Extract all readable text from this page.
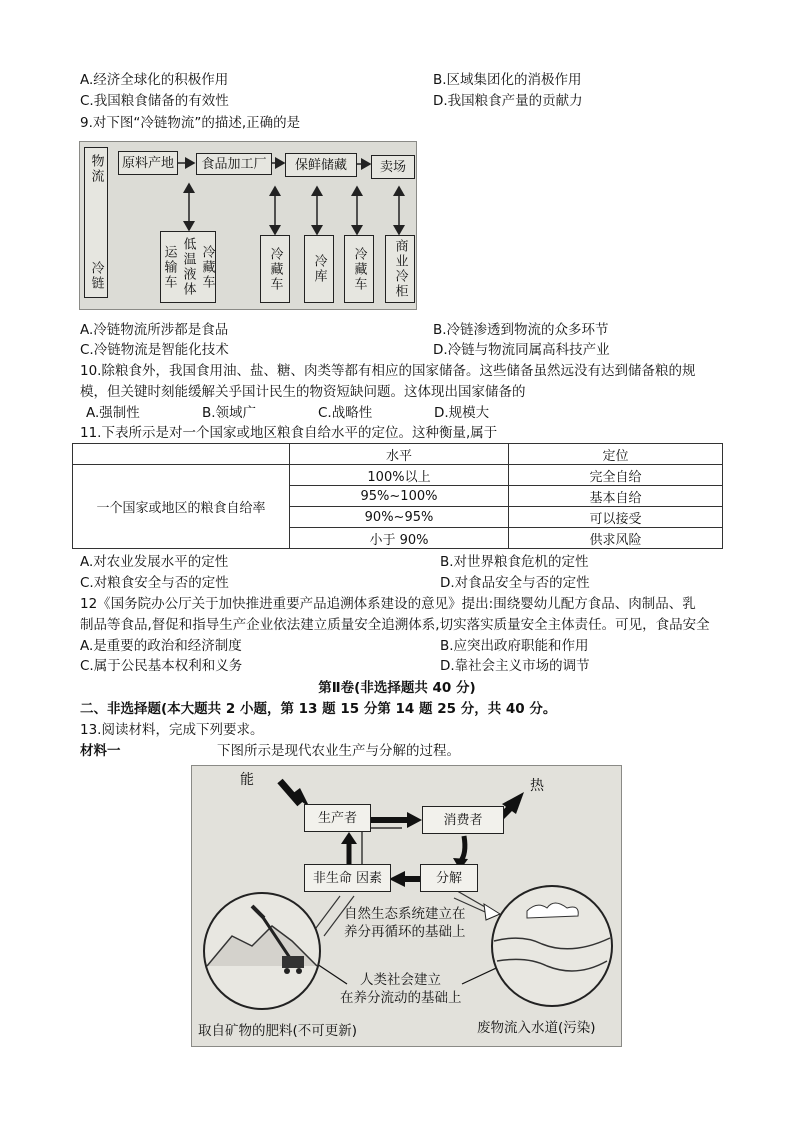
A.经济全球化的积极作用	B.区域集团化的消极作用
C.我国粮食储备的有效性	D.我国粮食产量的贡献力
9.对下图“冷链物流”的描述,正确的是
物流
冷链
原料产地	食品加工厂	保鲜储藏	卖场
运输车 低温液体 冷藏车	冷藏车 冷库 冷藏车 商业冷柜
A.冷链物流所涉都是食品	B.冷链渗透到物流的众多环节
C.冷链物流是智能化技术	D.冷链与物流同属高科技产业
10.除粮食外，我国食用油、盐、糖、肉类等都有相应的国家储备。这些储备虽然远没有达到储备粮的规
模，但关键时刻能缓解关乎国计民生的物资短缺问题。这体现出国家储备的
A.强制性	B.领域广	C.战略性	D.规模大
11.下表所示是对一个国家或地区粮食自给水平的定位。这种衡量,属于
	水平	定位
一个国家或地区的粮食自给率	100%以上	完全自给
	95%~100%	基本自给
	90%~95%	可以接受
	小于 90%	供求风险
A.对农业发展水平的定性	B.对世界粮食危机的定性
C.对粮食安全与否的定性	D.对食品安全与否的定性
12《国务院办公厅关于加快推进重要产品追溯体系建设的意见》提出:围绕婴幼儿配方食品、肉制品、乳
制品等食品,督促和指导生产企业依法建立质量安全追溯体系,切实落实质量安全主体责任。可见，食品安全
A.是重要的政治和经济制度	B.应突出政府职能和作用
C.属于公民基本权利和义务	D.靠社会主义市场的调节
第Ⅱ卷(非选择题共 40 分)
二、非选择题(本大题共 2 小题，第 13 题 15 分第 14 题 25 分，共 40 分。
13.阅读材料，完成下列要求。
材料一	下图所示是现代农业生产与分解的过程。
能	热
生产者	消费者
非生命 因素	分解
自然生态系统建立在
养分再循环的基础上
人类社会建立
在养分流动的基础上
取自矿物的肥料(不可更新)	废物流入水道(污染)
